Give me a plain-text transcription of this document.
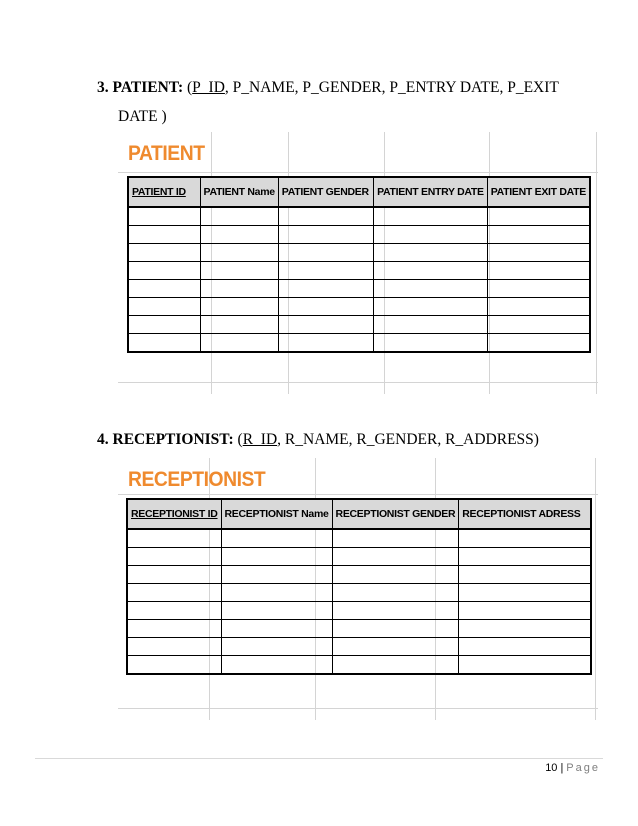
3. PATIENT: (P_ID, P_NAME, P_GENDER, P_ENTRY DATE, P_EXIT
DATE )
PATIENT
PATIENT ID	PATIENT Name	PATIENT GENDER	PATIENT ENTRY DATE	PATIENT EXIT DATE

4. RECEPTIONIST: (R_ID, R_NAME, R_GENDER, R_ADDRESS)
RECEPTIONIST
RECEPTIONIST ID	RECEPTIONIST Name	RECEPTIONIST GENDER	RECEPTIONIST ADRESS

10 | Page
